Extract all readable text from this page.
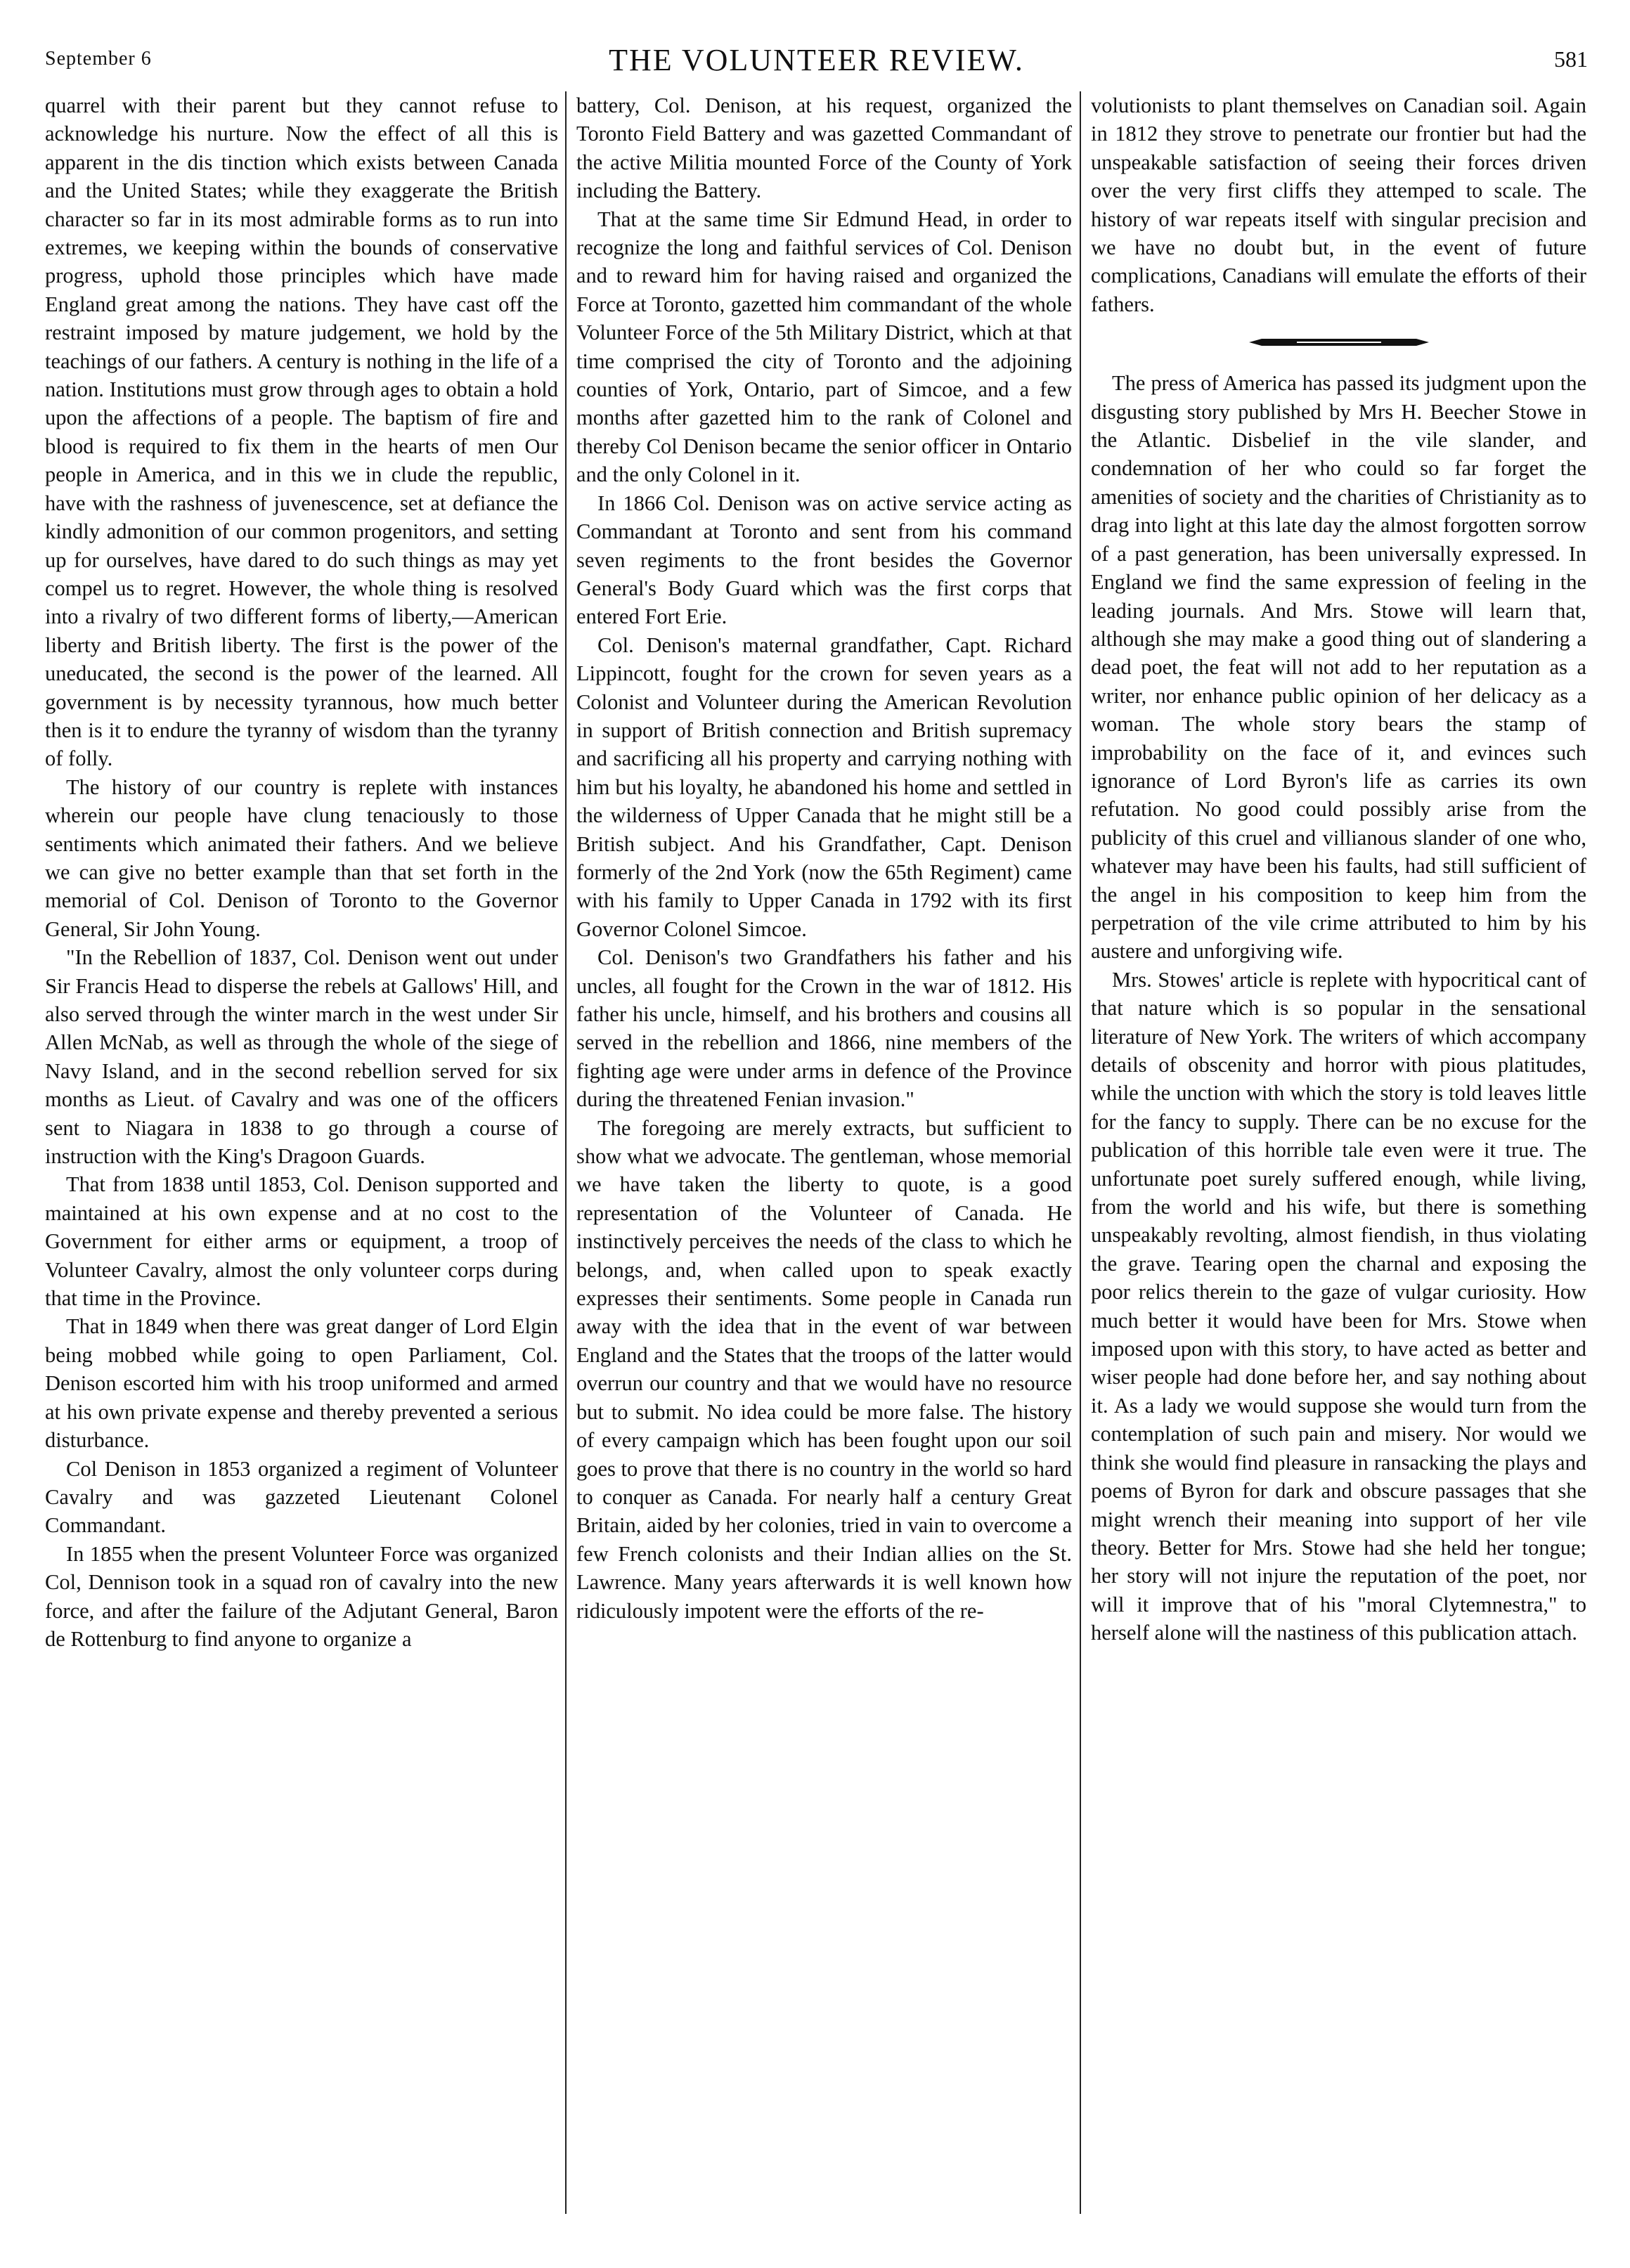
September 6	THE VOLUNTEER REVIEW.	581

quarrel with their parent but they cannot refuse to acknowledge his nurture. Now the effect of all this is apparent in the dis tinction which exists between Canada and the United States; while they exaggerate the British character so far in its most admirable forms as to run into extremes, we keeping within the bounds of conservative progress, uphold those principles which have made England great among the nations. They have cast off the restraint imposed by mature judgement, we hold by the teachings of our fathers. A century is nothing in the life of a nation. Institutions must grow through ages to obtain a hold upon the affections of a people. The baptism of fire and blood is required to fix them in the hearts of men Our people in America, and in this we in clude the republic, have with the rashness of juvenescence, set at defiance the kindly admonition of our common progenitors, and setting up for ourselves, have dared to do such things as may yet compel us to regret. However, the whole thing is resolved into a rivalry of two different forms of liberty,—American liberty and British liberty. The first is the power of the uneducated, the second is the power of the learned. All government is by necessity tyrannous, how much better then is it to endure the tyranny of wisdom than the tyranny of folly.

The history of our country is replete with instances wherein our people have clung tenaciously to those sentiments which animated their fathers. And we believe we can give no better example than that set forth in the memorial of Col. Denison of Toronto to the Governor General, Sir John Young.

"In the Rebellion of 1837, Col. Denison went out under Sir Francis Head to disperse the rebels at Gallows' Hill, and also served through the winter march in the west under Sir Allen McNab, as well as through the whole of the siege of Navy Island, and in the second rebellion served for six months as Lieut. of Cavalry and was one of the officers sent to Niagara in 1838 to go through a course of instruction with the King's Dragoon Guards.

That from 1838 until 1853, Col. Denison supported and maintained at his own expense and at no cost to the Government for either arms or equipment, a troop of Volunteer Cavalry, almost the only volunteer corps during that time in the Province.

That in 1849 when there was great danger of Lord Elgin being mobbed while going to open Parliament, Col. Denison escorted him with his troop uniformed and armed at his own private expense and thereby prevented a serious disturbance.

Col Denison in 1853 organized a regiment of Volunteer Cavalry and was gazzeted Lieutenant Colonel Commandant.

In 1855 when the present Volunteer Force was organized Col, Dennison took in a squad ron of cavalry into the new force, and after the failure of the Adjutant General, Baron de Rottenburg to find anyone to organize a

battery, Col. Denison, at his request, organized the Toronto Field Battery and was gazetted Commandant of the active Militia mounted Force of the County of York including the Battery.

That at the same time Sir Edmund Head, in order to recognize the long and faithful services of Col. Denison and to reward him for having raised and organized the Force at Toronto, gazetted him commandant of the whole Volunteer Force of the 5th Military District, which at that time comprised the city of Toronto and the adjoining counties of York, Ontario, part of Simcoe, and a few months after gazetted him to the rank of Colonel and thereby Col Denison became the senior officer in Ontario and the only Colonel in it.

In 1866 Col. Denison was on active service acting as Commandant at Toronto and sent from his command seven regiments to the front besides the Governor General's Body Guard which was the first corps that entered Fort Erie.

Col. Denison's maternal grandfather, Capt. Richard Lippincott, fought for the crown for seven years as a Colonist and Volunteer during the American Revolution in support of British connection and British supremacy and sacrificing all his property and carrying nothing with him but his loyalty, he abandoned his home and settled in the wilderness of Upper Canada that he might still be a British subject. And his Grandfather, Capt. Denison formerly of the 2nd York (now the 65th Regiment) came with his family to Upper Canada in 1792 with its first Governor Colonel Simcoe.

Col. Denison's two Grandfathers his father and his uncles, all fought for the Crown in the war of 1812. His father his uncle, himself, and his brothers and cousins all served in the rebellion and 1866, nine members of the fighting age were under arms in defence of the Province during the threatened Fenian invasion."

The foregoing are merely extracts, but sufficient to show what we advocate. The gentleman, whose memorial we have taken the liberty to quote, is a good representation of the Volunteer of Canada. He instinctively perceives the needs of the class to which he belongs, and, when called upon to speak exactly expresses their sentiments. Some people in Canada run away with the idea that in the event of war between England and the States that the troops of the latter would overrun our country and that we would have no resource but to submit. No idea could be more false. The history of every campaign which has been fought upon our soil goes to prove that there is no country in the world so hard to conquer as Canada. For nearly half a century Great Britain, aided by her colonies, tried in vain to overcome a few French colonists and their Indian allies on the St. Lawrence. Many years afterwards it is well known how ridiculously impotent were the efforts of the re-

volutionists to plant themselves on Canadian soil. Again in 1812 they strove to penetrate our frontier but had the unspeakable satisfaction of seeing their forces driven over the very first cliffs they attemped to scale. The history of war repeats itself with singular precision and we have no doubt but, in the event of future complications, Canadians will emulate the efforts of their fathers.

The press of America has passed its judgment upon the disgusting story published by Mrs H. Beecher Stowe in the Atlantic. Disbelief in the vile slander, and condemnation of her who could so far forget the amenities of society and the charities of Christianity as to drag into light at this late day the almost forgotten sorrow of a past generation, has been universally expressed. In England we find the same expression of feeling in the leading journals. And Mrs. Stowe will learn that, although she may make a good thing out of slandering a dead poet, the feat will not add to her reputation as a writer, nor enhance public opinion of her delicacy as a woman. The whole story bears the stamp of improbability on the face of it, and evinces such ignorance of Lord Byron's life as carries its own refutation. No good could possibly arise from the publicity of this cruel and villianous slander of one who, whatever may have been his faults, had still sufficient of the angel in his composition to keep him from the perpetration of the vile crime attributed to him by his austere and unforgiving wife.

Mrs. Stowes' article is replete with hypocritical cant of that nature which is so popular in the sensational literature of New York. The writers of which accompany details of obscenity and horror with pious platitudes, while the unction with which the story is told leaves little for the fancy to supply. There can be no excuse for the publication of this horrible tale even were it true. The unfortunate poet surely suffered enough, while living, from the world and his wife, but there is something unspeakably revolting, almost fiendish, in thus violating the grave. Tearing open the charnal and exposing the poor relics therein to the gaze of vulgar curiosity. How much better it would have been for Mrs. Stowe when imposed upon with this story, to have acted as better and wiser people had done before her, and say nothing about it. As a lady we would suppose she would turn from the contemplation of such pain and misery. Nor would we think she would find pleasure in ransacking the plays and poems of Byron for dark and obscure passages that she might wrench their meaning into support of her vile theory. Better for Mrs. Stowe had she held her tongue; her story will not injure the reputation of the poet, nor will it improve that of his "moral Clytemnestra," to herself alone will the nastiness of this publication attach.
